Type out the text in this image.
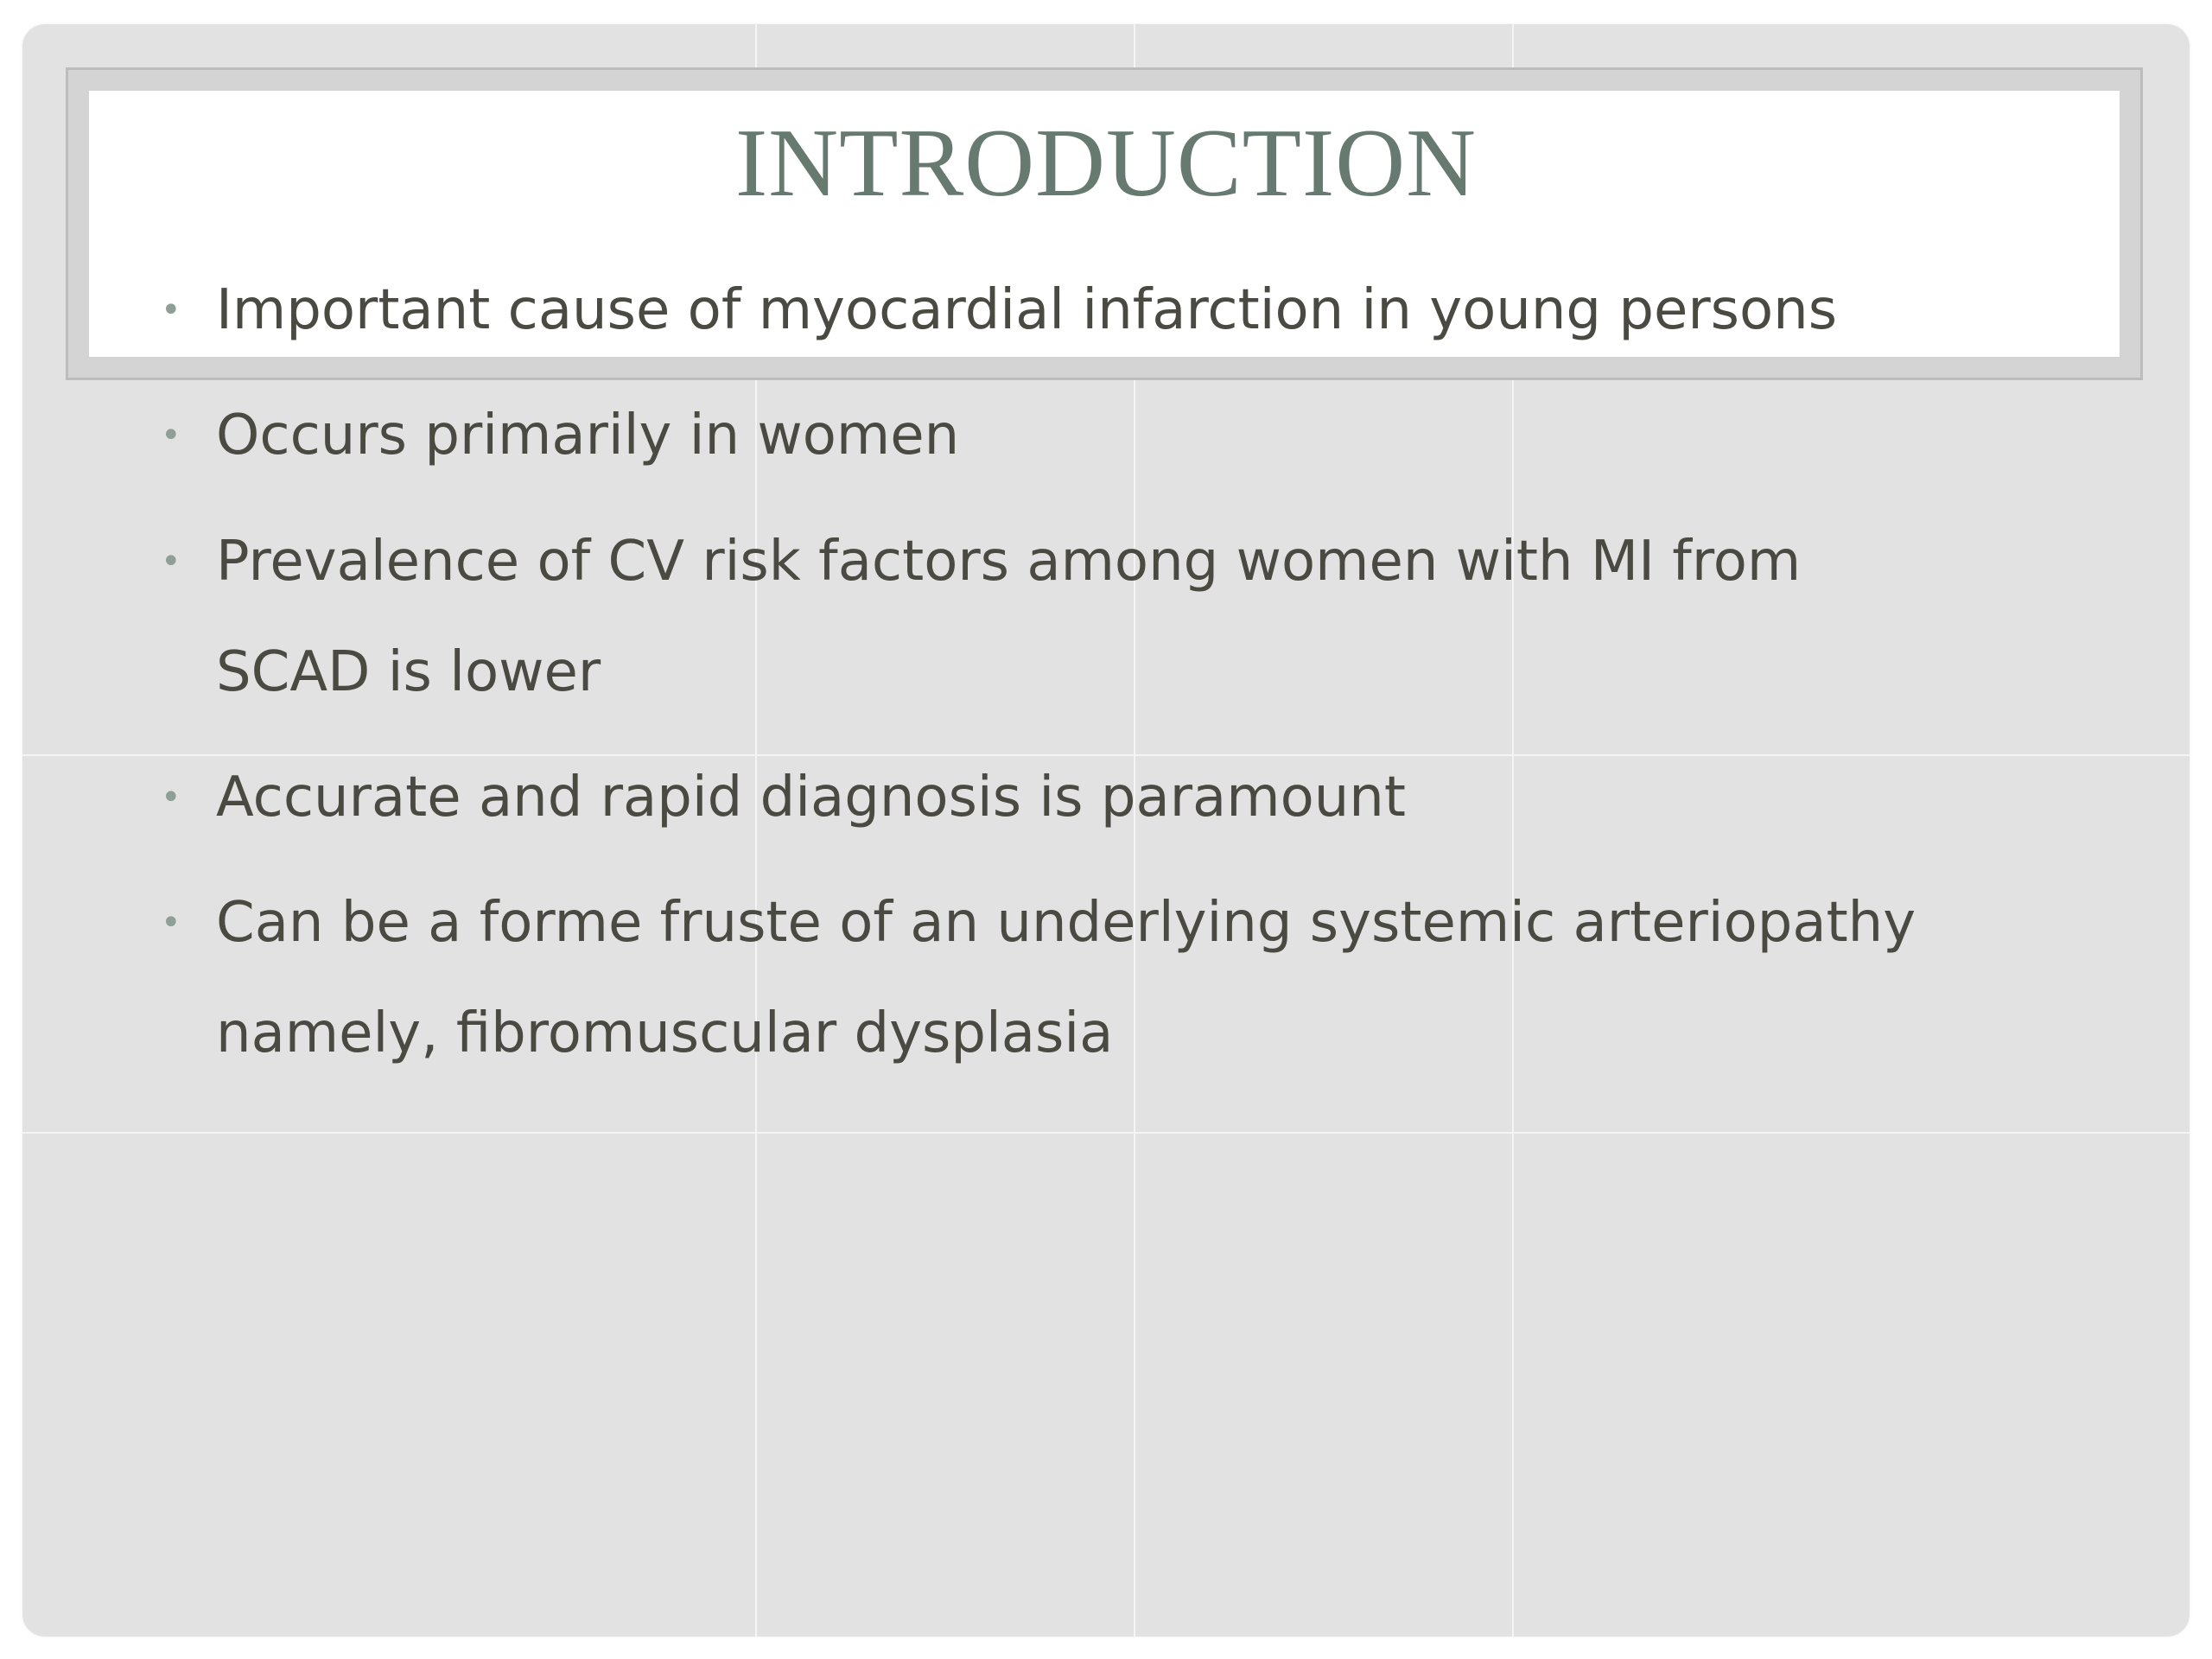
INTRODUCTION
• Important cause of myocardial infarction in young persons
• Occurs primarily in women
• Prevalence of CV risk factors among women with MI from
SCAD is lower
• Accurate and rapid diagnosis is paramount
• Can be a forme fruste of an underlying systemic arteriopathy
namely, fibromuscular dysplasia
